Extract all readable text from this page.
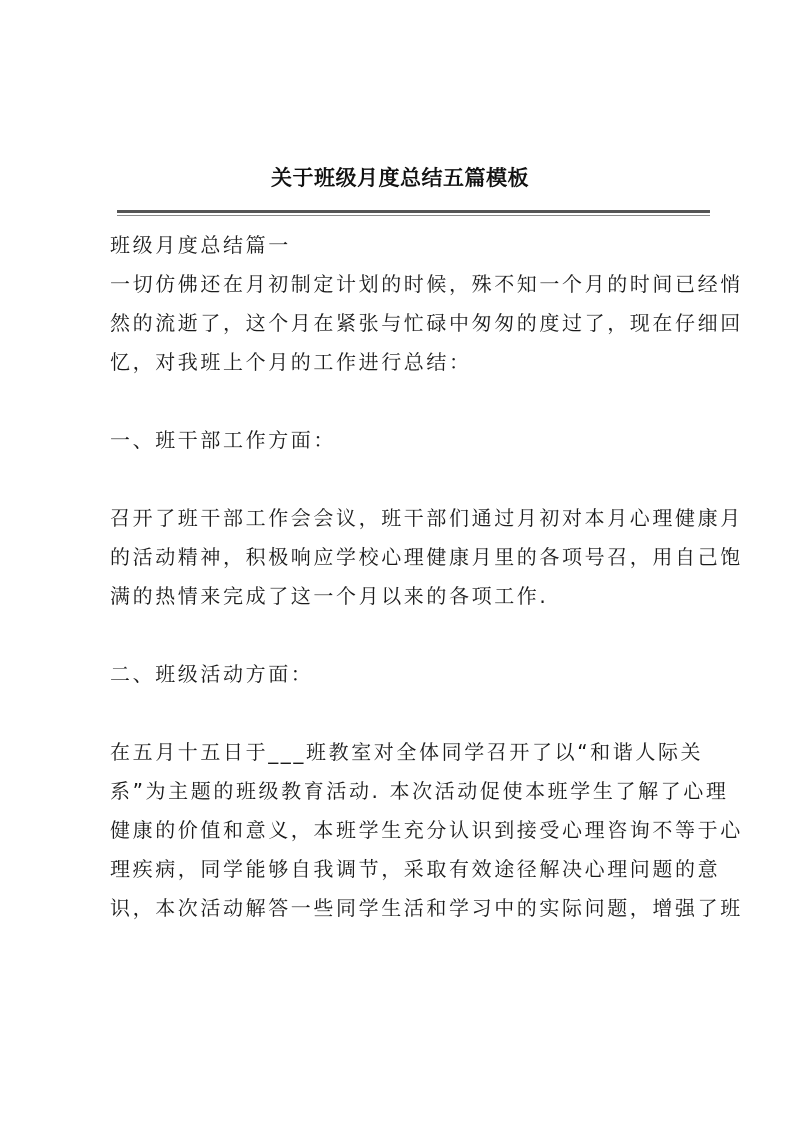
关于班级月度总结五篇模板
班级月度总结篇一
一切仿佛还在月初制定计划的时候，殊不知一个月的时间已经悄
然的流逝了，这个月在紧张与忙碌中匆匆的度过了，现在仔细回
忆，对我班上个月的工作进行总结：
一、班干部工作方面：
召开了班干部工作会会议，班干部们通过月初对本月心理健康月
的活动精神，积极响应学校心理健康月里的各项号召，用自己饱
满的热情来完成了这一个月以来的各项工作.
二、班级活动方面：
在五月十五日于___班教室对全体同学召开了以“和谐人际关
系”为主题的班级教育活动. 本次活动促使本班学生了解了心理
健康的价值和意义，本班学生充分认识到接受心理咨询不等于心
理疾病，同学能够自我调节，采取有效途径解决心理问题的意
识，本次活动解答一些同学生活和学习中的实际问题，增强了班
